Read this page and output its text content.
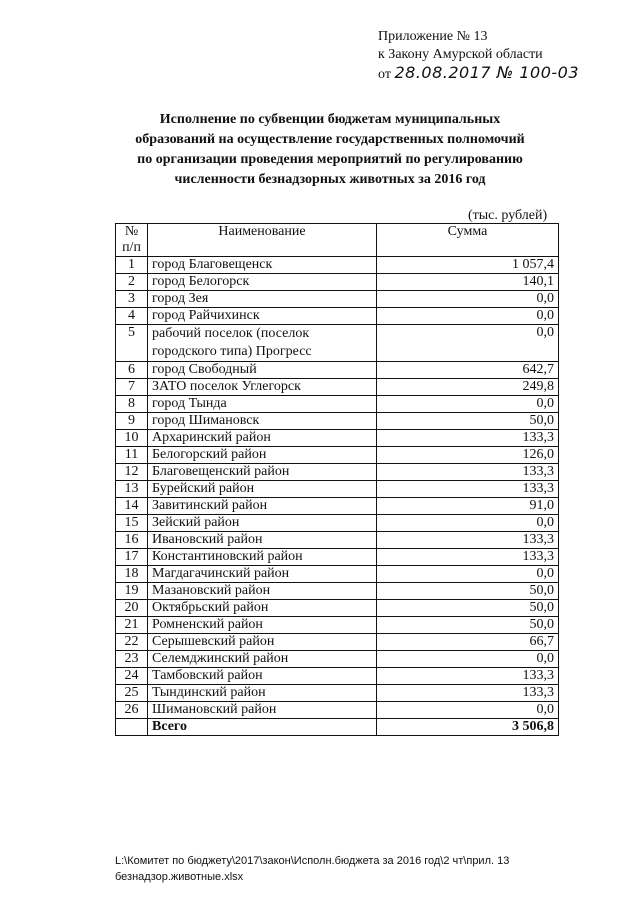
Приложение № 13
к Закону Амурской области
от 28.08.2017 № 100-03
Исполнение по субвенции бюджетам муниципальных
образований на осуществление государственных полномочий
по организации проведения мероприятий по регулированию
численности безнадзорных животных за 2016 год
(тыс. рублей)
№ п/п	Наименование	Сумма
1	город Благовещенск	1 057,4
2	город Белогорск	140,1
3	город Зея	0,0
4	город Райчихинск	0,0
5	рабочий поселок (поселок городского типа) Прогресс	0,0
6	город Свободный	642,7
7	ЗАТО поселок Углегорск	249,8
8	город Тында	0,0
9	город Шимановск	50,0
10	Архаринский район	133,3
11	Белогорский район	126,0
12	Благовещенский район	133,3
13	Бурейский район	133,3
14	Завитинский район	91,0
15	Зейский район	0,0
16	Ивановский район	133,3
17	Константиновский район	133,3
18	Магдагачинский район	0,0
19	Мазановский район	50,0
20	Октябрьский район	50,0
21	Ромненский район	50,0
22	Серышевский район	66,7
23	Селемджинский район	0,0
24	Тамбовский район	133,3
25	Тындинский район	133,3
26	Шимановский район	0,0
	Всего	3 506,8
L:\Комитет по бюджету\2017\закон\Исполн.бюджета за 2016 год\2 чт\прил. 13
безнадзор.животные.xlsx
